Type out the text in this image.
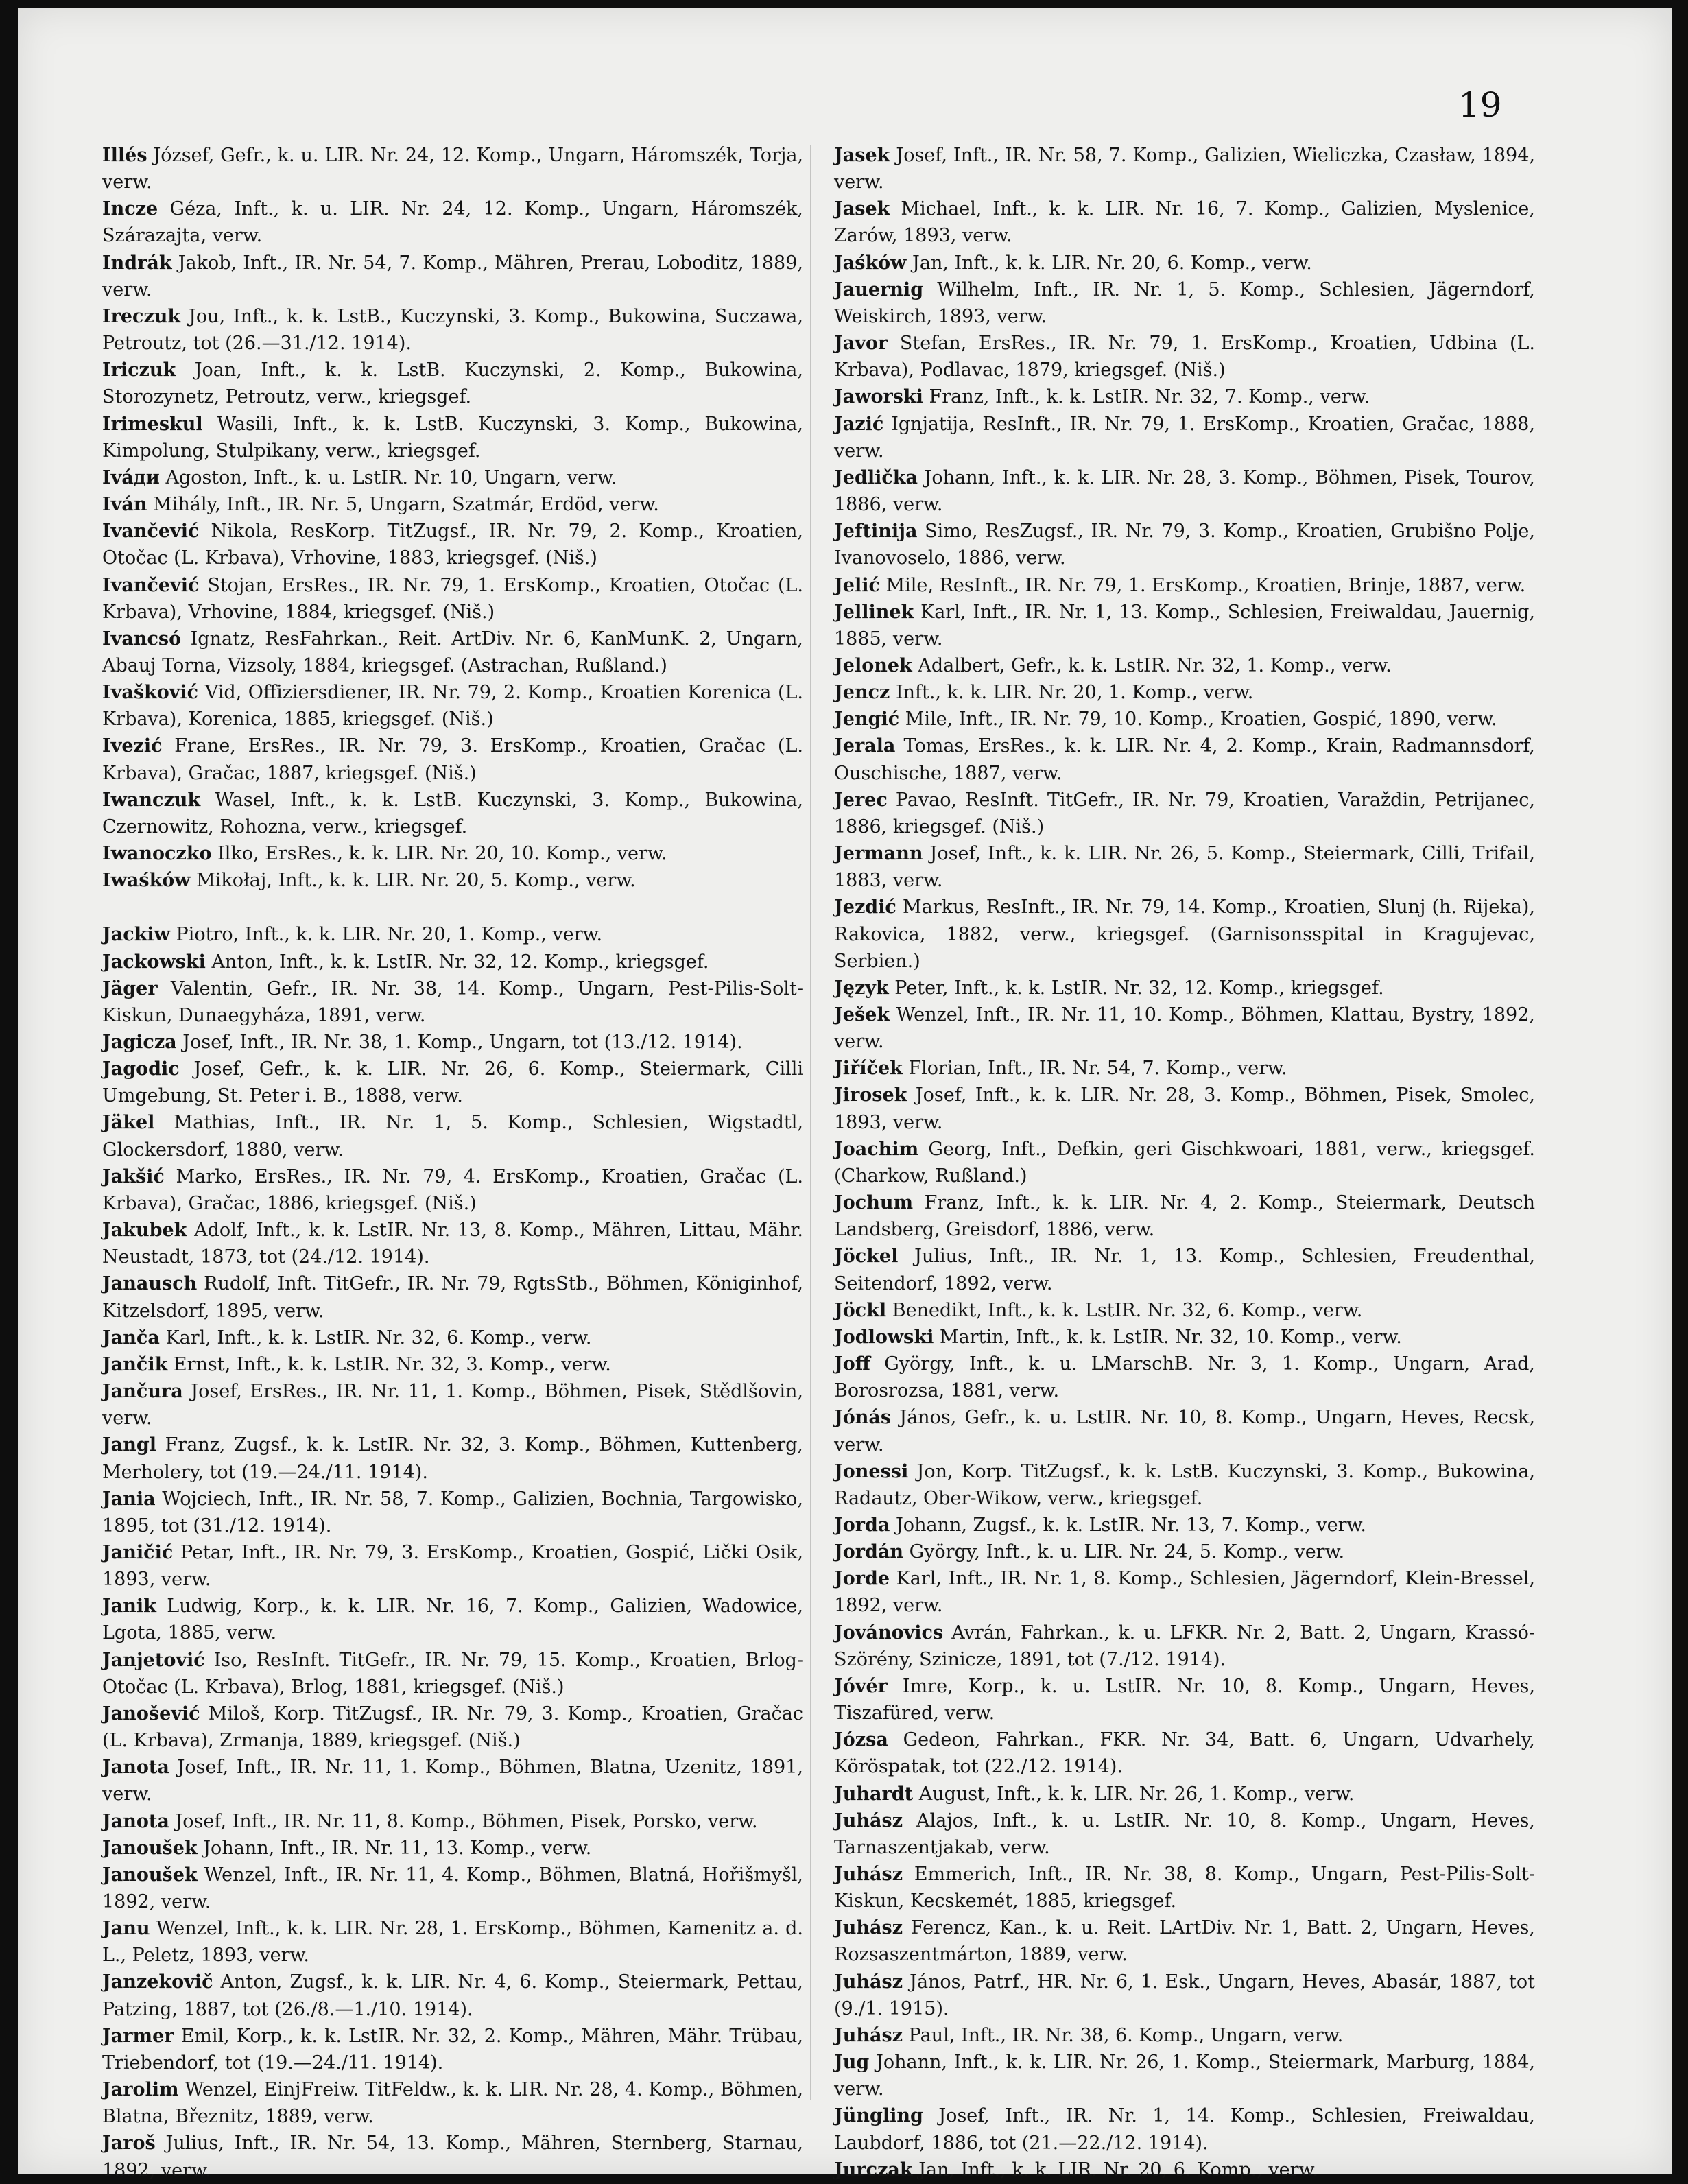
19

Illés József, Gefr., k. u. LIR. Nr. 24, 12. Komp., Ungarn, Háromszék, Torja, verw.

Incze Géza, Inft., k. u. LIR. Nr. 24, 12. Komp., Ungarn, Háromszék, Szárazajta, verw.

Indrák Jakob, Inft., IR. Nr. 54, 7. Komp., Mähren, Prerau, Loboditz, 1889, verw.

Ireczuk Jou, Inft., k. k. LstB., Kuczynski, 3. Komp., Bukowina, Suczawa, Petroutz, tot (26.—31./12. 1914).

Iriczuk Joan, Inft., k. k. LstB. Kuczynski, 2. Komp., Bukowina, Storozynetz, Petroutz, verw., kriegsgef.

Irimeskul Wasili, Inft., k. k. LstB. Kuczynski, 3. Komp., Bukowina, Kimpolung, Stulpikany, verw., kriegsgef.

Iváди Agoston, Inft., k. u. LstIR. Nr. 10, Ungarn, verw.

Iván Mihály, Inft., IR. Nr. 5, Ungarn, Szatmár, Erdöd, verw.

Ivančević Nikola, ResKorp. TitZugsf., IR. Nr. 79, 2. Komp., Kroatien, Otočac (L. Krbava), Vrhovine, 1883, kriegsgef. (Niš.)

Ivančević Stojan, ErsRes., IR. Nr. 79, 1. ErsKomp., Kroatien, Otočac (L. Krbava), Vrhovine, 1884, kriegsgef. (Niš.)

Ivancsó Ignatz, ResFahrkan., Reit. ArtDiv. Nr. 6, KanMunK. 2, Ungarn, Abauj Torna, Vizsoly, 1884, kriegsgef. (Astrachan, Rußland.)

Ivašković Vid, Offiziersdiener, IR. Nr. 79, 2. Komp., Kroatien Korenica (L. Krbava), Korenica, 1885, kriegsgef. (Niš.)

Ivezić Frane, ErsRes., IR. Nr. 79, 3. ErsKomp., Kroatien, Gračac (L. Krbava), Gračac, 1887, kriegsgef. (Niš.)

Iwanczuk Wasel, Inft., k. k. LstB. Kuczynski, 3. Komp., Bukowina, Czernowitz, Rohozna, verw., kriegsgef.

Iwanoczko Ilko, ErsRes., k. k. LIR. Nr. 20, 10. Komp., verw.

Iwaśków Mikołaj, Inft., k. k. LIR. Nr. 20, 5. Komp., verw.

Jackiw Piotro, Inft., k. k. LIR. Nr. 20, 1. Komp., verw.

Jackowski Anton, Inft., k. k. LstIR. Nr. 32, 12. Komp., kriegsgef.

Jäger Valentin, Gefr., IR. Nr. 38, 14. Komp., Ungarn, Pest-Pilis-Solt-Kiskun, Dunaegyháza, 1891, verw.

Jagicza Josef, Inft., IR. Nr. 38, 1. Komp., Ungarn, tot (13./12. 1914).

Jagodic Josef, Gefr., k. k. LIR. Nr. 26, 6. Komp., Steiermark, Cilli Umgebung, St. Peter i. B., 1888, verw.

Jäkel Mathias, Inft., IR. Nr. 1, 5. Komp., Schlesien, Wigstadtl, Glockersdorf, 1880, verw.

Jakšić Marko, ErsRes., IR. Nr. 79, 4. ErsKomp., Kroatien, Gračac (L. Krbava), Gračac, 1886, kriegsgef. (Niš.)

Jakubek Adolf, Inft., k. k. LstIR. Nr. 13, 8. Komp., Mähren, Littau, Mähr. Neustadt, 1873, tot (24./12. 1914).

Janausch Rudolf, Inft. TitGefr., IR. Nr. 79, RgtsStb., Böhmen, Königinhof, Kitzelsdorf, 1895, verw.

Janča Karl, Inft., k. k. LstIR. Nr. 32, 6. Komp., verw.

Jančik Ernst, Inft., k. k. LstIR. Nr. 32, 3. Komp., verw.

Jančura Josef, ErsRes., IR. Nr. 11, 1. Komp., Böhmen, Pisek, Stědlšovin, verw.

Jangl Franz, Zugsf., k. k. LstIR. Nr. 32, 3. Komp., Böhmen, Kuttenberg, Merholery, tot (19.—24./11. 1914).

Jania Wojciech, Inft., IR. Nr. 58, 7. Komp., Galizien, Bochnia, Targowisko, 1895, tot (31./12. 1914).

Janičić Petar, Inft., IR. Nr. 79, 3. ErsKomp., Kroatien, Gospić, Lički Osik, 1893, verw.

Janik Ludwig, Korp., k. k. LIR. Nr. 16, 7. Komp., Galizien, Wadowice, Lgota, 1885, verw.

Janjetović Iso, ResInft. TitGefr., IR. Nr. 79, 15. Komp., Kroatien, Brlog-Otočac (L. Krbava), Brlog, 1881, kriegsgef. (Niš.)

Janošević Miloš, Korp. TitZugsf., IR. Nr. 79, 3. Komp., Kroatien, Gračac (L. Krbava), Zrmanja, 1889, kriegsgef. (Niš.)

Janota Josef, Inft., IR. Nr. 11, 1. Komp., Böhmen, Blatna, Uzenitz, 1891, verw.

Janota Josef, Inft., IR. Nr. 11, 8. Komp., Böhmen, Pisek, Porsko, verw.

Janoušek Johann, Inft., IR. Nr. 11, 13. Komp., verw.

Janoušek Wenzel, Inft., IR. Nr. 11, 4. Komp., Böhmen, Blatná, Hořišmyšl, 1892, verw.

Janu Wenzel, Inft., k. k. LIR. Nr. 28, 1. ErsKomp., Böhmen, Kamenitz a. d. L., Peletz, 1893, verw.

Janzekovič Anton, Zugsf., k. k. LIR. Nr. 4, 6. Komp., Steiermark, Pettau, Patzing, 1887, tot (26./8.—1./10. 1914).

Jarmer Emil, Korp., k. k. LstIR. Nr. 32, 2. Komp., Mähren, Mähr. Trübau, Triebendorf, tot (19.—24./11. 1914).

Jarolim Wenzel, EinjFreiw. TitFeldw., k. k. LIR. Nr. 28, 4. Komp., Böhmen, Blatna, Březnitz, 1889, verw.

Jaroš Julius, Inft., IR. Nr. 54, 13. Komp., Mähren, Sternberg, Starnau, 1892, verw.

Jasek Josef, Inft., IR. Nr. 58, 7. Komp., Galizien, Wieliczka, Czasław, 1894, verw.

Jasek Michael, Inft., k. k. LIR. Nr. 16, 7. Komp., Galizien, Myslenice, Zarów, 1893, verw.

Jaśków Jan, Inft., k. k. LIR. Nr. 20, 6. Komp., verw.

Jauernig Wilhelm, Inft., IR. Nr. 1, 5. Komp., Schlesien, Jägerndorf, Weiskirch, 1893, verw.

Javor Stefan, ErsRes., IR. Nr. 79, 1. ErsKomp., Kroatien, Udbina (L. Krbava), Podlavac, 1879, kriegsgef. (Niš.)

Jaworski Franz, Inft., k. k. LstIR. Nr. 32, 7. Komp., verw.

Jazić Ignjatija, ResInft., IR. Nr. 79, 1. ErsKomp., Kroatien, Gračac, 1888, verw.

Jedlička Johann, Inft., k. k. LIR. Nr. 28, 3. Komp., Böhmen, Pisek, Tourov, 1886, verw.

Jeftinija Simo, ResZugsf., IR. Nr. 79, 3. Komp., Kroatien, Grubišno Polje, Ivanovoselo, 1886, verw.

Jelić Mile, ResInft., IR. Nr. 79, 1. ErsKomp., Kroatien, Brinje, 1887, verw.

Jellinek Karl, Inft., IR. Nr. 1, 13. Komp., Schlesien, Freiwaldau, Jauernig, 1885, verw.

Jelonek Adalbert, Gefr., k. k. LstIR. Nr. 32, 1. Komp., verw.

Jencz Inft., k. k. LIR. Nr. 20, 1. Komp., verw.

Jengić Mile, Inft., IR. Nr. 79, 10. Komp., Kroatien, Gospić, 1890, verw.

Jerala Tomas, ErsRes., k. k. LIR. Nr. 4, 2. Komp., Krain, Radmannsdorf, Ouschische, 1887, verw.

Jerec Pavao, ResInft. TitGefr., IR. Nr. 79, Kroatien, Varaždin, Petrijanec, 1886, kriegsgef. (Niš.)

Jermann Josef, Inft., k. k. LIR. Nr. 26, 5. Komp., Steiermark, Cilli, Trifail, 1883, verw.

Jezdić Markus, ResInft., IR. Nr. 79, 14. Komp., Kroatien, Slunj (h. Rijeka), Rakovica, 1882, verw., kriegsgef. (Garnisonsspital in Kragujevac, Serbien.)

Język Peter, Inft., k. k. LstIR. Nr. 32, 12. Komp., kriegsgef.

Ješek Wenzel, Inft., IR. Nr. 11, 10. Komp., Böhmen, Klattau, Bystry, 1892, verw.

Jiříček Florian, Inft., IR. Nr. 54, 7. Komp., verw.

Jirosek Josef, Inft., k. k. LIR. Nr. 28, 3. Komp., Böhmen, Pisek, Smolec, 1893, verw.

Joachim Georg, Inft., Defkin, geri Gischkwoari, 1881, verw., kriegsgef. (Charkow, Rußland.)

Jochum Franz, Inft., k. k. LIR. Nr. 4, 2. Komp., Steiermark, Deutsch Landsberg, Greisdorf, 1886, verw.

Jöckel Julius, Inft., IR. Nr. 1, 13. Komp., Schlesien, Freudenthal, Seitendorf, 1892, verw.

Jöckl Benedikt, Inft., k. k. LstIR. Nr. 32, 6. Komp., verw.

Jodlowski Martin, Inft., k. k. LstIR. Nr. 32, 10. Komp., verw.

Joff György, Inft., k. u. LMarschB. Nr. 3, 1. Komp., Ungarn, Arad, Borosrozsa, 1881, verw.

Jónás János, Gefr., k. u. LstIR. Nr. 10, 8. Komp., Ungarn, Heves, Recsk, verw.

Jonessi Jon, Korp. TitZugsf., k. k. LstB. Kuczynski, 3. Komp., Bukowina, Radautz, Ober-Wikow, verw., kriegsgef.

Jorda Johann, Zugsf., k. k. LstIR. Nr. 13, 7. Komp., verw.

Jordán György, Inft., k. u. LIR. Nr. 24, 5. Komp., verw.

Jorde Karl, Inft., IR. Nr. 1, 8. Komp., Schlesien, Jägerndorf, Klein-Bressel, 1892, verw.

Jovánovics Avrán, Fahrkan., k. u. LFKR. Nr. 2, Batt. 2, Ungarn, Krassó-Szörény, Szinicze, 1891, tot (7./12. 1914).

Jóvér Imre, Korp., k. u. LstIR. Nr. 10, 8. Komp., Ungarn, Heves, Tiszafüred, verw.

Józsa Gedeon, Fahrkan., FKR. Nr. 34, Batt. 6, Ungarn, Udvarhely, Köröspatak, tot (22./12. 1914).

Juhardt August, Inft., k. k. LIR. Nr. 26, 1. Komp., verw.

Juhász Alajos, Inft., k. u. LstIR. Nr. 10, 8. Komp., Ungarn, Heves, Tarnaszentjakab, verw.

Juhász Emmerich, Inft., IR. Nr. 38, 8. Komp., Ungarn, Pest-Pilis-Solt-Kiskun, Kecskemét, 1885, kriegsgef.

Juhász Ferencz, Kan., k. u. Reit. LArtDiv. Nr. 1, Batt. 2, Ungarn, Heves, Rozsaszentmárton, 1889, verw.

Juhász János, Patrf., HR. Nr. 6, 1. Esk., Ungarn, Heves, Abasár, 1887, tot (9./1. 1915).

Juhász Paul, Inft., IR. Nr. 38, 6. Komp., Ungarn, verw.

Jug Johann, Inft., k. k. LIR. Nr. 26, 1. Komp., Steiermark, Marburg, 1884, verw.

Jüngling Josef, Inft., IR. Nr. 1, 14. Komp., Schlesien, Freiwaldau, Laubdorf, 1886, tot (21.—22./12. 1914).

Jurczak Jan, Inft., k. k. LIR. Nr. 20, 6. Komp., verw.
